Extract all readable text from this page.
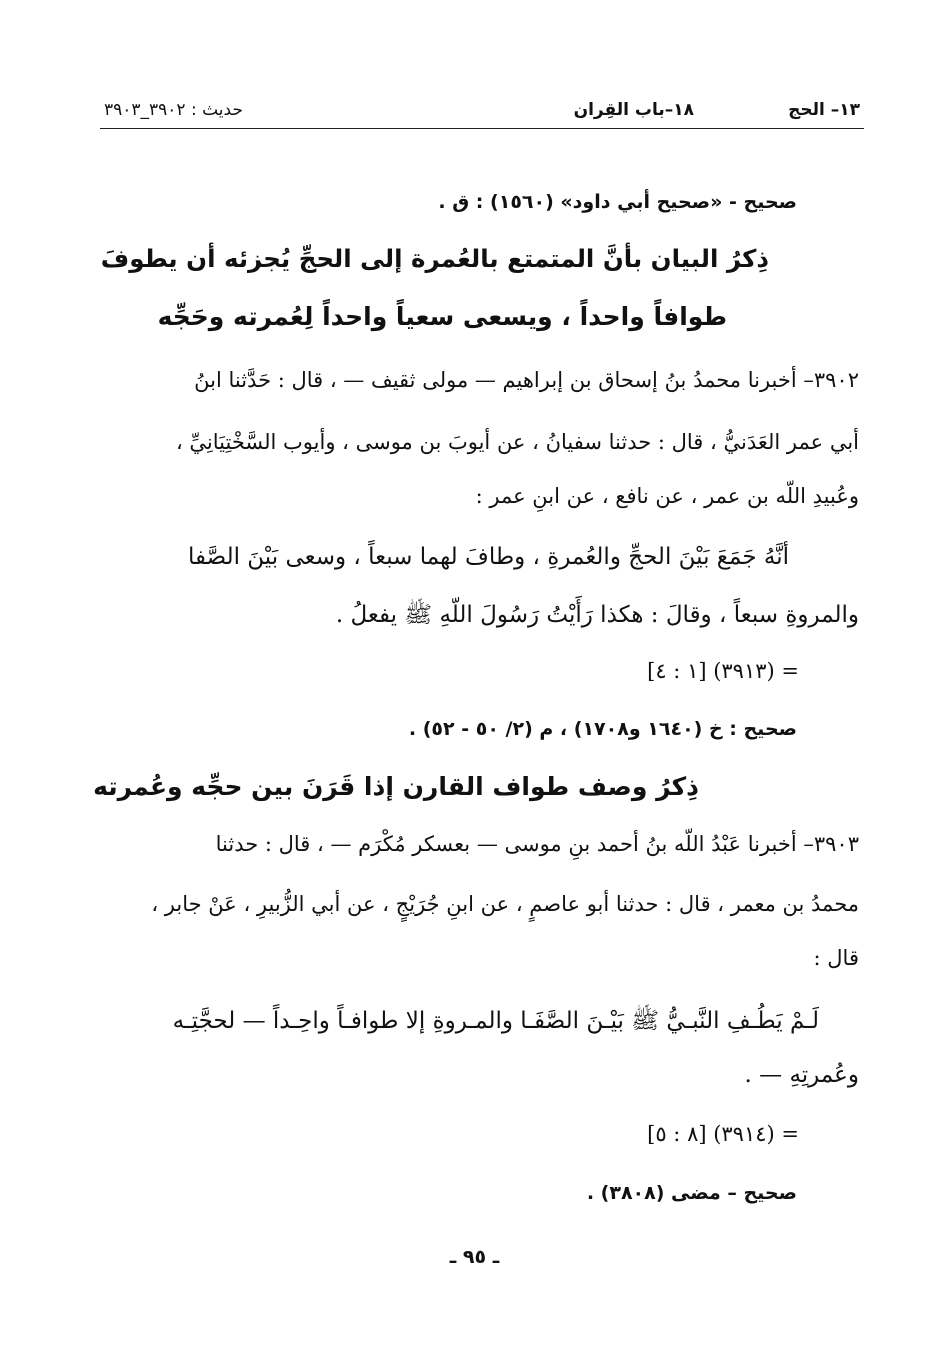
١٣– الحج
١٨–باب القِران
حديث : ٣٩٠٢_٣٩٠٣
صحيح - «صحيح أبي داود» (١٥٦٠) : ق .
ذِكرُ البيان بأنَّ المتمتع بالعُمرة إلى الحجِّ يُجزئه أن يطوفَ
طوافاً واحداً ، ويسعى سعياً واحداً لِعُمرته وحَجِّه
٣٩٠٢– أخبرنا محمدُ بنُ إسحاق بن إبراهيم — مولى ثقيف — ، قال : حَدَّثنا ابنُ
أبي عمر العَدَنيُّ ، قال : حدثنا سفيانُ ، عن أيوبَ بن موسى ، وأيوب السَّخْتِيَانِيِّ ،
وعُبيدِ اللّه بن عمر ، عن نافع ، عن ابنِ عمر :
أنَّهُ جَمَعَ بَيْنَ الحجِّ والعُمرةِ ، وطافَ لهما سبعاً ، وسعى بَيْنَ الصَّفا
والمروةِ سبعاً ، وقالَ : هكذا رَأَيْتُ رَسُولَ اللّهِ ﷺ يفعلُ .
= (٣٩١٣) [١ : ٤]
صحيح : خ (١٦٤٠ و١٧٠٨) ، م (٢/ ٥٠ - ٥٢) .
ذِكرُ وصف طواف القارن إذا قَرَنَ بين حجِّه وعُمرته
٣٩٠٣– أخبرنا عَبْدُ اللّه بنُ أحمد بنِ موسى — بعسكر مُكْرَم — ، قال : حدثنا
محمدُ بن معمر ، قال : حدثنا أبو عاصمٍ ، عن ابنِ جُرَيْجٍ ، عن أبي الزُّبيرِ ، عَنْ جابر ،
قال :
لَـمْ يَطُـفِ النَّبـيُّ ﷺ بَيْـنَ الصَّفَـا والمـروةِ إلا طوافـاً واحِـداً — لحجَّتِـه
وعُمرتِهِ — .
= (٣٩١٤) [٨ : ٥]
صحيح – مضى (٣٨٠٨) .
ـ ٩٥ ـ
